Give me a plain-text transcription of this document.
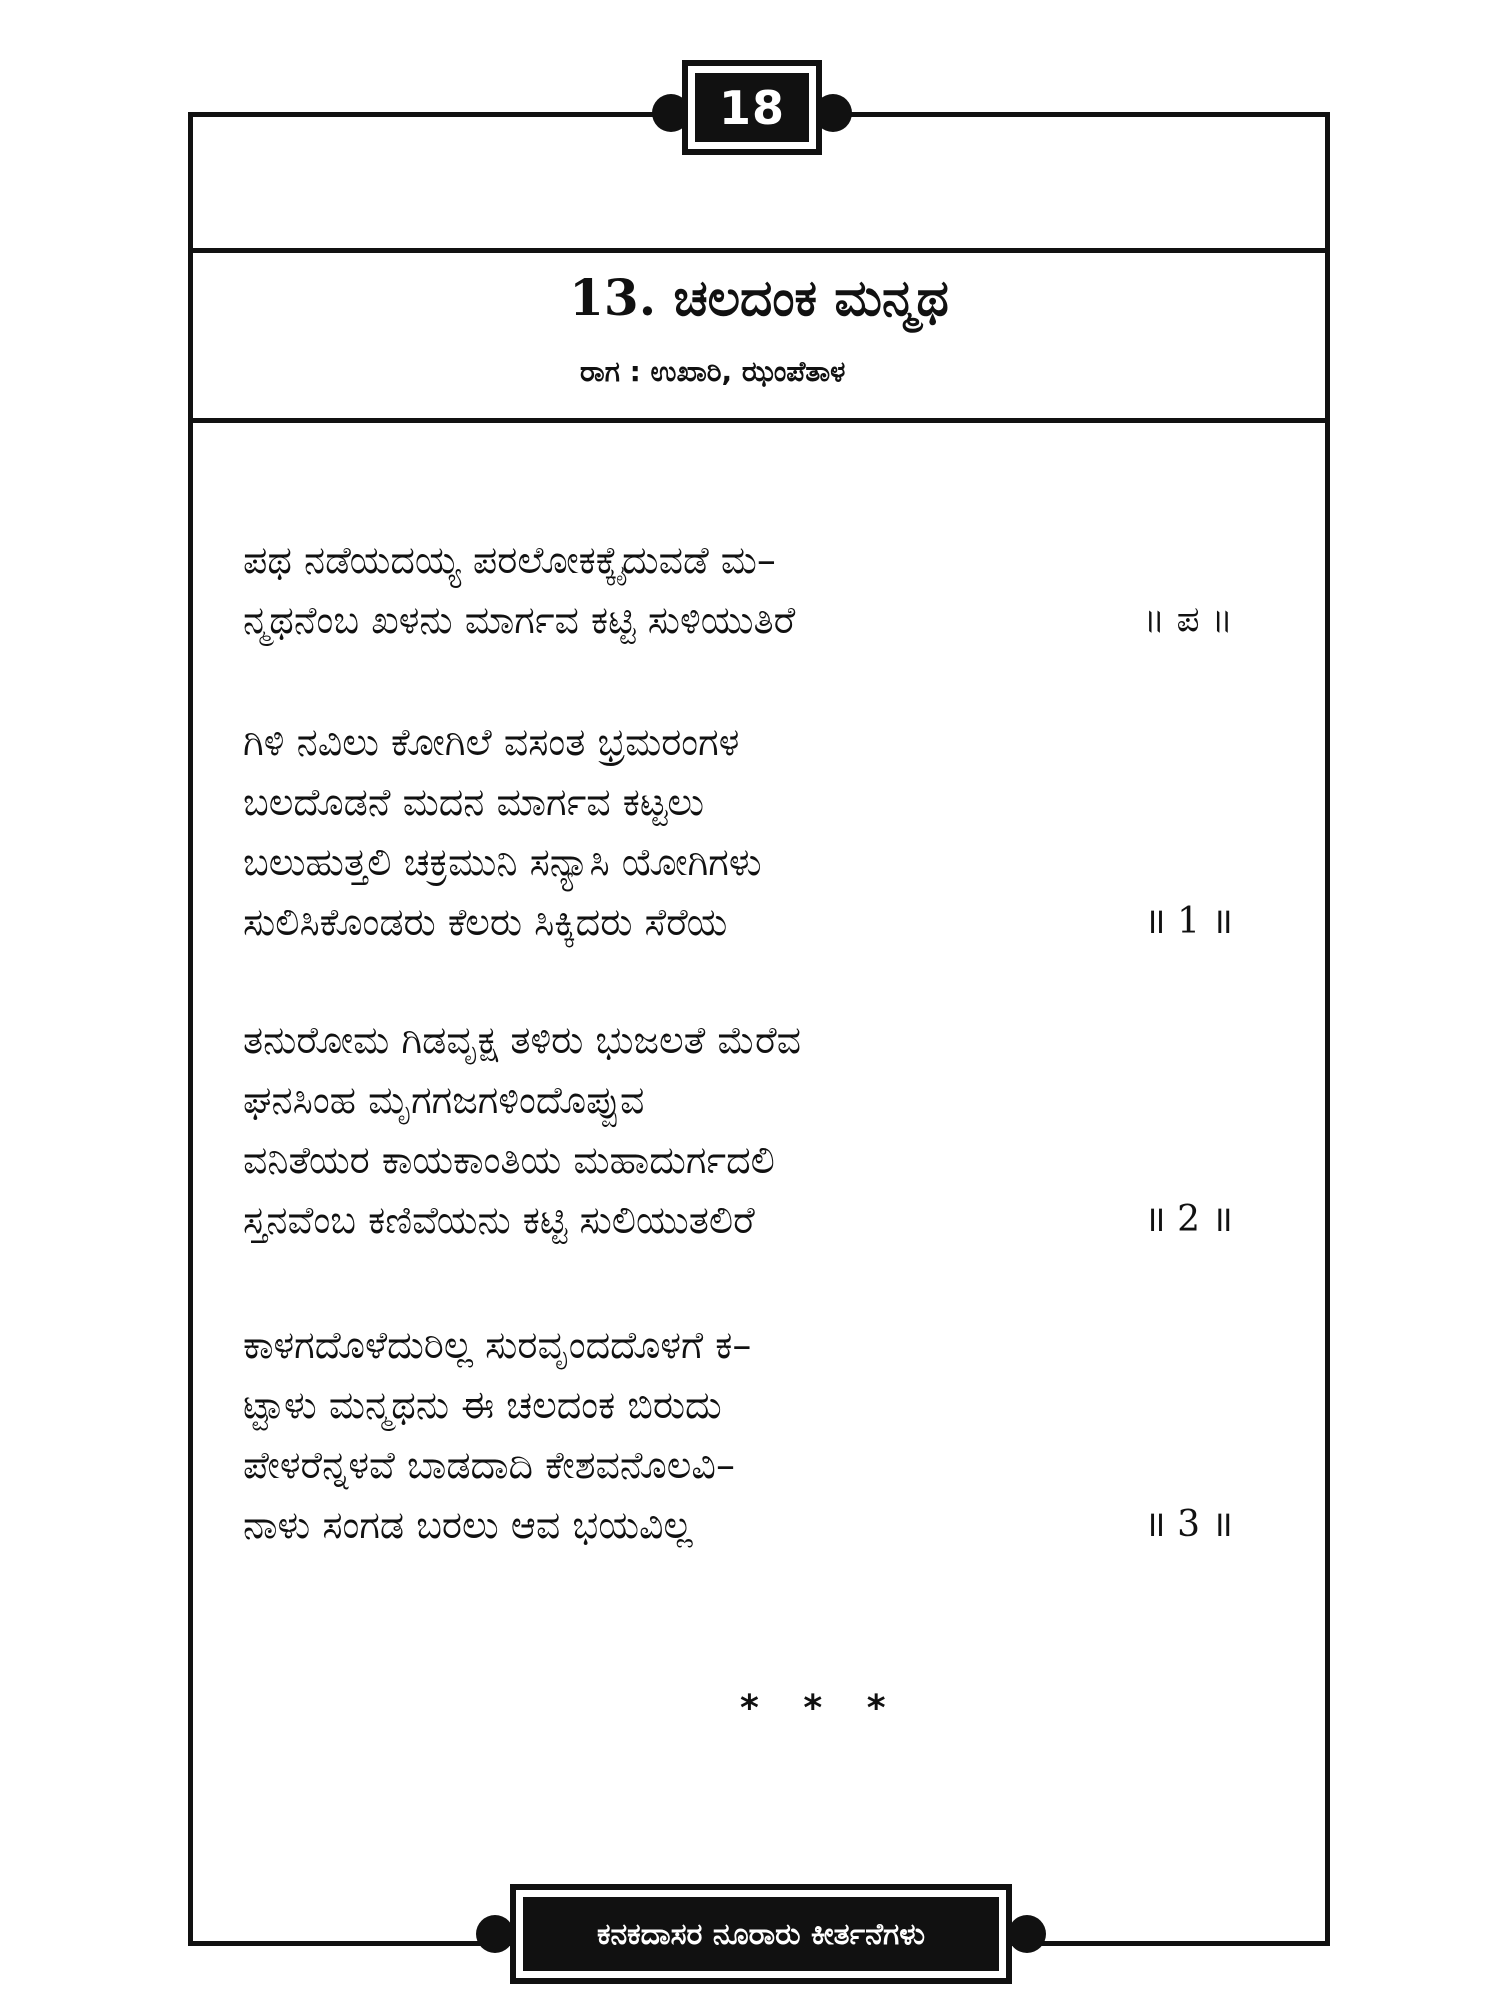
18
13. ಚಲದಂಕ ಮನ್ಮಥ
ರಾಗ : ಉಖಾರಿ, ಝಂಪೆತಾಳ
ಪಥ ನಡೆಯದಯ್ಯ ಪರಲೋಕಕ್ಕೈದುವಡೆ ಮ–
ನ್ಮಥನೆಂಬ ಖಳನು ಮಾರ್ಗವ ಕಟ್ಟಿ ಸುಳಿಯುತಿರೆ	॥ ಪ ॥
ಗಿಳಿ ನವಿಲು ಕೋಗಿಲೆ ವಸಂತ ಭ್ರಮರಂಗಳ
ಬಲದೊಡನೆ ಮದನ ಮಾರ್ಗವ ಕಟ್ಟಲು
ಬಲುಹುತ್ತಲಿ ಚಕ್ರಮುನಿ ಸನ್ಯಾಸಿ ಯೋಗಿಗಳು
ಸುಲಿಸಿಕೊಂಡರು ಕೆಲರು ಸಿಕ್ಕಿದರು ಸೆರೆಯ	॥ 1 ॥
ತನುರೋಮ ಗಿಡವೃಕ್ಷ ತಳಿರು ಭುಜಲತೆ ಮೆರೆವ
ಘನಸಿಂಹ ಮೃಗಗಜಗಳಿಂದೊಪ್ಪುವ
ವನಿತೆಯರ ಕಾಯಕಾಂತಿಯ ಮಹಾದುರ್ಗದಲಿ
ಸ್ತನವೆಂಬ ಕಣಿವೆಯನು ಕಟ್ಟಿ ಸುಲಿಯುತಲಿರೆ	॥ 2 ॥
ಕಾಳಗದೊಳೆದುರಿಲ್ಲ ಸುರವೃಂದದೊಳಗೆ ಕ–
ಟ್ಟಾಳು ಮನ್ಮಥನು ಈ ಚಲದಂಕ ಬಿರುದು
ಪೇಳರೆನ್ನಳವೆ ಬಾಡದಾದಿ ಕೇಶವನೊಲವಿ–
ನಾಳು ಸಂಗಡ ಬರಲು ಆವ ಭಯವಿಲ್ಲ	॥ 3 ॥
* * *
ಕನಕದಾಸರ ನೂರಾರು ಕೀರ್ತನೆಗಳು
